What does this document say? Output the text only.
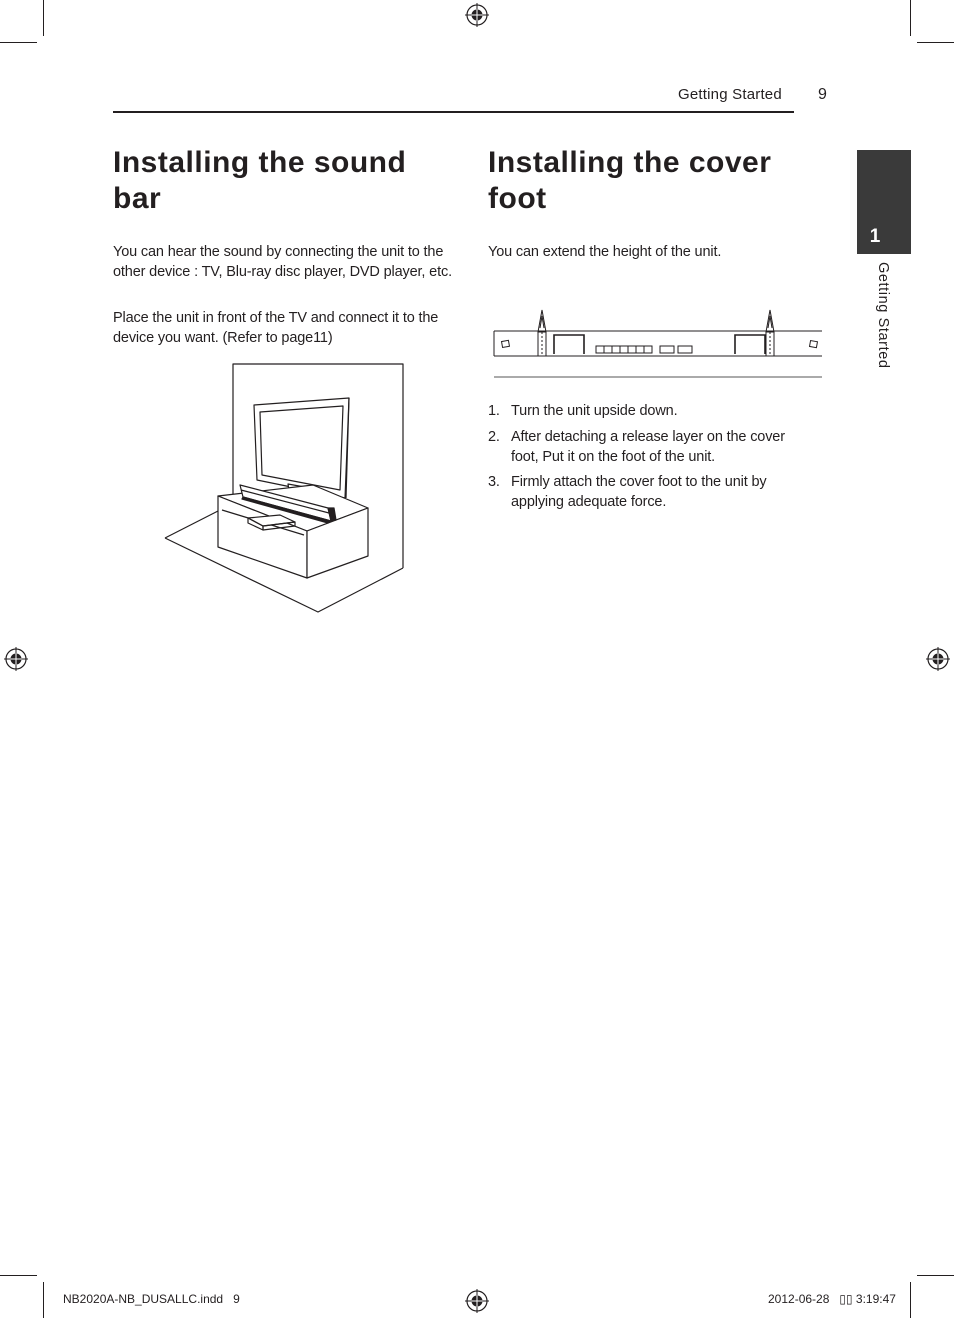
Getting Started 9
1
Getting Started
Installing the sound bar

You can hear the sound by connecting the unit to the other device : TV, Blu-ray disc player, DVD player, etc.

Place the unit in front of the TV and connect it to the device you want. (Refer to page11)

Installing the cover foot

You can extend the height of the unit.

1. Turn the unit upside down.
2. After detaching a release layer on the cover foot, Put it on the foot of the unit.
3. Firmly attach the cover foot to the unit by applying adequate force.
NB2020A-NB_DUSALLC.indd   9	2012-06-28   ▯▯ 3:19:47
